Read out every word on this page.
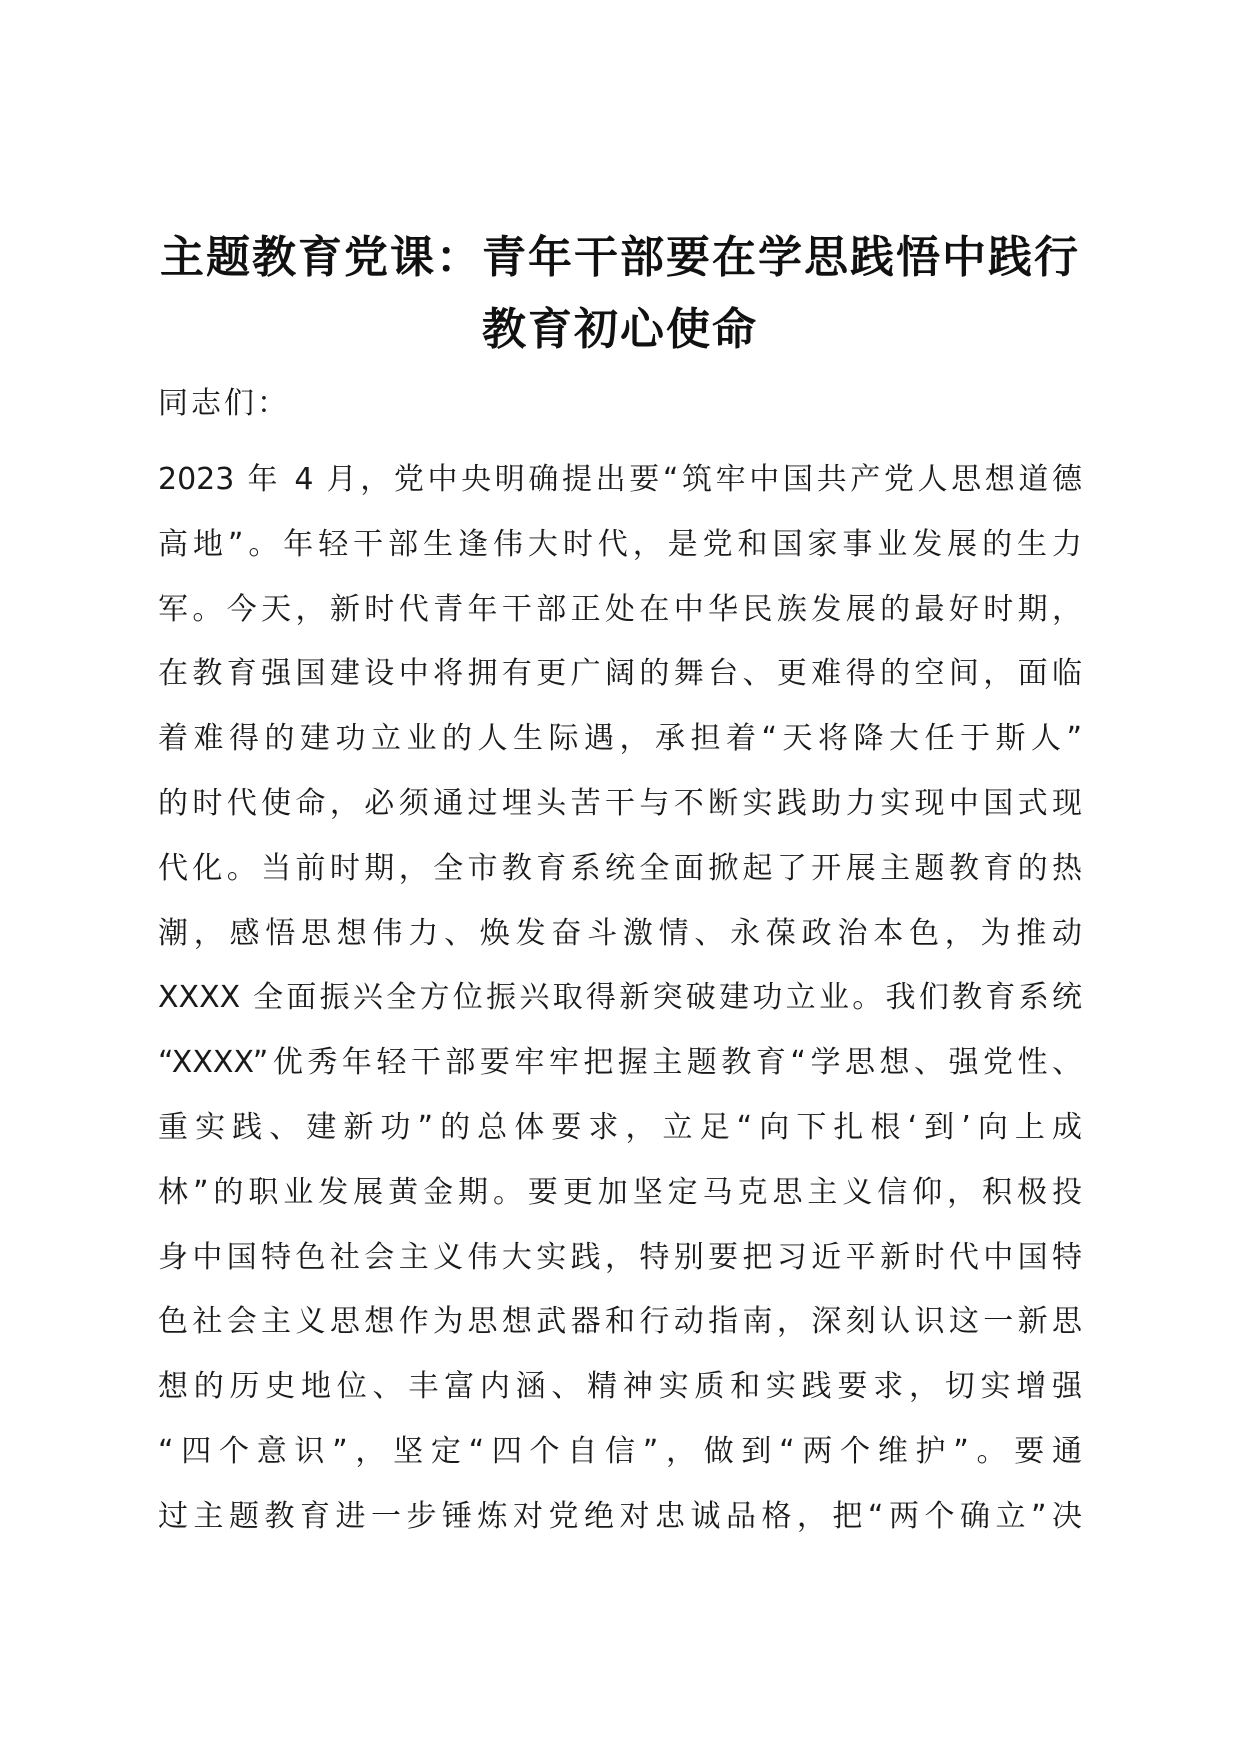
主题教育党课：青年干部要在学思践悟中践行
教育初心使命

同志们：

2023 年 4 月，党中央明确提出要“筑牢中国共产党人思想道德
高地”。年轻干部生逢伟大时代，是党和国家事业发展的生力
军。今天，新时代青年干部正处在中华民族发展的最好时期，
在教育强国建设中将拥有更广阔的舞台、更难得的空间，面临
着难得的建功立业的人生际遇，承担着“天将降大任于斯人”
的时代使命，必须通过埋头苦干与不断实践助力实现中国式现
代化。当前时期，全市教育系统全面掀起了开展主题教育的热
潮，感悟思想伟力、焕发奋斗激情、永葆政治本色，为推动
XXXX 全面振兴全方位振兴取得新突破建功立业。我们教育系统
“XXXX”优秀年轻干部要牢牢把握主题教育“学思想、强党性、
重实践、建新功”的总体要求，立足“向下扎根‘到’向上成
林”的职业发展黄金期。要更加坚定马克思主义信仰，积极投
身中国特色社会主义伟大实践，特别要把习近平新时代中国特
色社会主义思想作为思想武器和行动指南，深刻认识这一新思
想的历史地位、丰富内涵、精神实质和实践要求，切实增强
“四个意识”，坚定“四个自信”，做到“两个维护”。要通
过主题教育进一步锤炼对党绝对忠诚品格，把“两个确立”决
